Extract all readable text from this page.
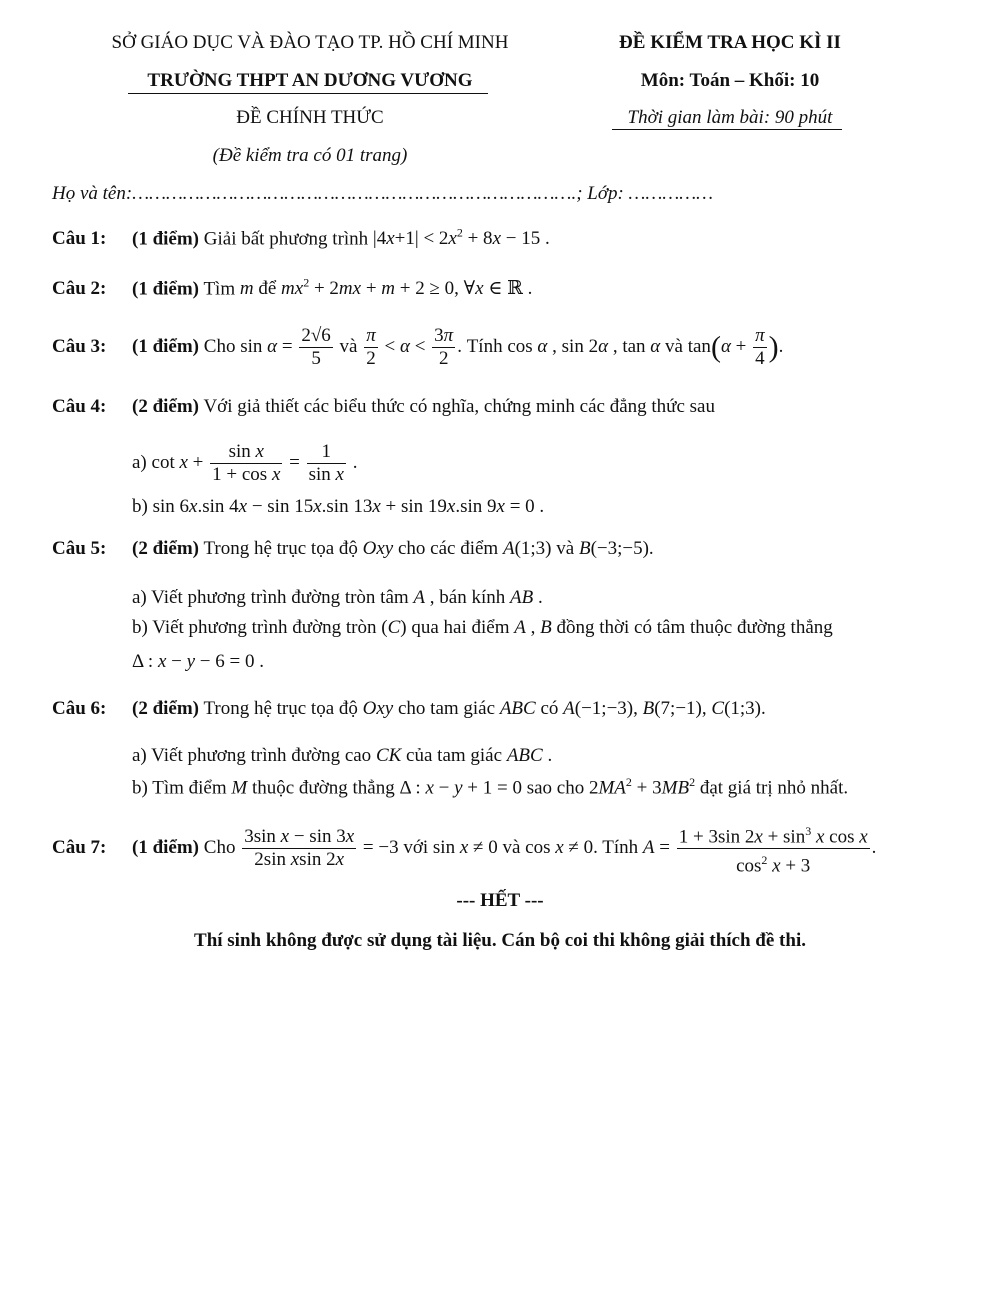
SỞ GIÁO DỤC VÀ ĐÀO TẠO TP. HỒ CHÍ MINH
TRƯỜNG THPT AN DƯƠNG VƯƠNG
ĐỀ CHÍNH THỨC
(Đề kiểm tra có 01 trang)
ĐỀ KIỂM TRA HỌC KÌ II
Môn: Toán – Khối: 10
Thời gian làm bài: 90 phút
Họ và tên:…………………………………………………………………….; Lớp: ……………
Câu 1: (1 điểm) Giải bất phương trình $|4x+1| < 2x^2 + 8x - 15$ .
Câu 2: (1 điểm) Tìm m để $mx^2 + 2mx + m + 2 \ge 0$, ∀x ∈ ℝ .
Câu 3: (1 điểm) Cho $\sin \alpha = \frac{2√6}{5}$ và $\frac{\pi}{2} < \alpha < \frac{3\pi}{2}$ . Tính cos α , sin 2α , tan α và $\tan(\alpha + \frac{\pi}{4}$ ).
Câu 4: (2 điểm) Với giả thiết các biểu thức có nghĩa, chứng minh các đẳng thức sau
a) $\cot x + \frac{\text{sin x}}{\text{1 + cos x}} = \frac{1}{\text{sin x}}$ .
b) sin 6x.sin 4x − sin 15x.sin 13x + sin 19x.sin 9x = 0 .
Câu 5: (2 điểm) Trong hệ trục tọa độ Oxy cho các điểm A(1;3) và B(−3;−5).
a) Viết phương trình đường tròn tâm A , bán kính AB .
b) Viết phương trình đường tròn (C) qua hai điểm A , B đồng thời có tâm thuộc đường thẳng
Δ : x − y − 6 = 0 .
Câu 6: (2 điểm) Trong hệ trục tọa độ Oxy cho tam giác ABC có A(−1;−3), B(7;−1), C(1;3).
a) Viết phương trình đường cao CK của tam giác ABC .
b) Tìm điểm M thuộc đường thẳng Δ : x − y + 1 = 0 sao cho $2MA^2 + 3MB^2$ đạt giá trị nhỏ nhất.
Câu 7: (1 điểm) Cho $\frac{\text{3sin x − sin 3x}}{\text{2sin xsin 2x}} = -3$ với sin x ≠ 0 và cos x ≠ 0. Tính $A = \frac{1 + 3\sin 2x + \sin^3 x \cos x}{\cos^2 x + 3}$ .
--- HẾT ---
Thí sinh không được sử dụng tài liệu. Cán bộ coi thi không giải thích đề thi.
